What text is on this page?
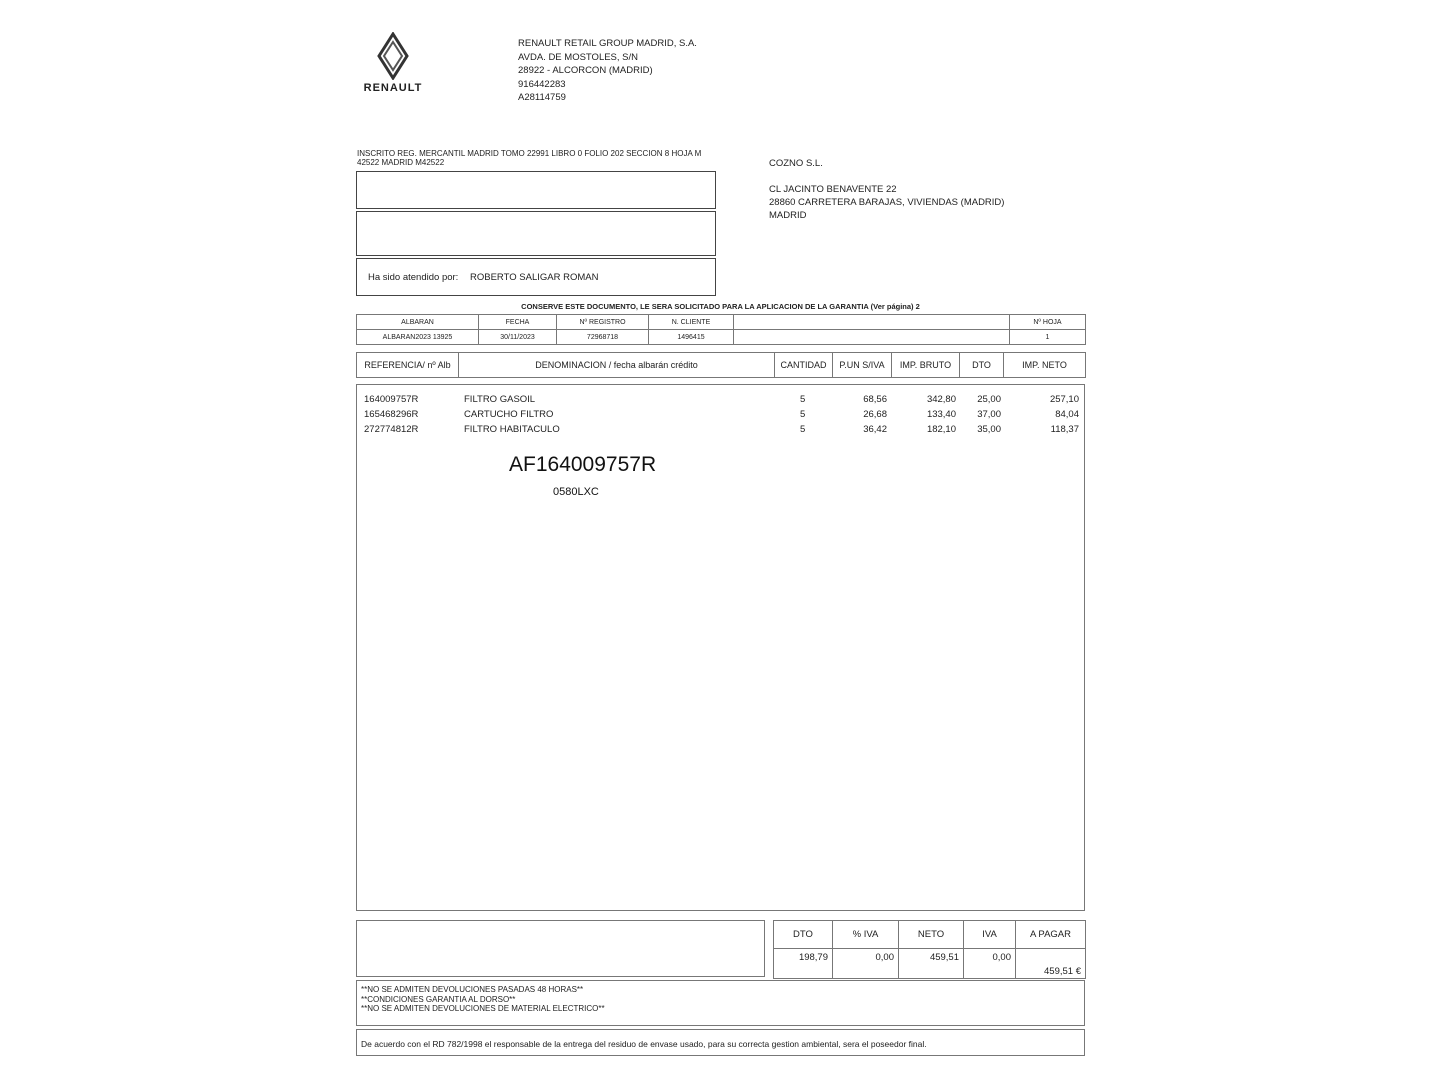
RENAULT
RENAULT RETAIL GROUP MADRID, S.A.
AVDA. DE MOSTOLES, S/N
28922 - ALCORCON (MADRID)
916442283
A28114759
INSCRITO REG. MERCANTIL MADRID TOMO 22991 LIBRO 0 FOLIO 202 SECCION 8 HOJA M
42522 MADRID M42522
Ha sido atendido por: ROBERTO SALIGAR ROMAN
COZNO S.L.
CL JACINTO BENAVENTE 22
28860 CARRETERA BARAJAS, VIVIENDAS (MADRID)
MADRID
CONSERVE ESTE DOCUMENTO, LE SERA SOLICITADO PARA LA APLICACION DE LA GARANTIA (Ver página) 2
ALBARAN	FECHA	Nº REGISTRO	N. CLIENTE		Nº HOJA
ALBARAN2023 13925	30/11/2023	72968718	1496415		1
REFERENCIA/ nº Alb	DENOMINACION / fecha albarán crédito	CANTIDAD	P.UN S/IVA	IMP. BRUTO	DTO	IMP. NETO
164009757R	FILTRO GASOIL	5	68,56	342,80	25,00	257,10
165468296R	CARTUCHO FILTRO	5	26,68	133,40	37,00	84,04
272774812R	FILTRO HABITACULO	5	36,42	182,10	35,00	118,37
AF164009757R
0580LXC
DTO	% IVA	NETO	IVA	A PAGAR
198,79	0,00	459,51	0,00	459,51 €
**NO SE ADMITEN DEVOLUCIONES PASADAS 48 HORAS**
**CONDICIONES GARANTIA AL DORSO**
**NO SE ADMITEN DEVOLUCIONES DE MATERIAL ELECTRICO**
De acuerdo con el RD 782/1998 el responsable de la entrega del residuo de envase usado, para su correcta gestion ambiental, sera el poseedor final.
